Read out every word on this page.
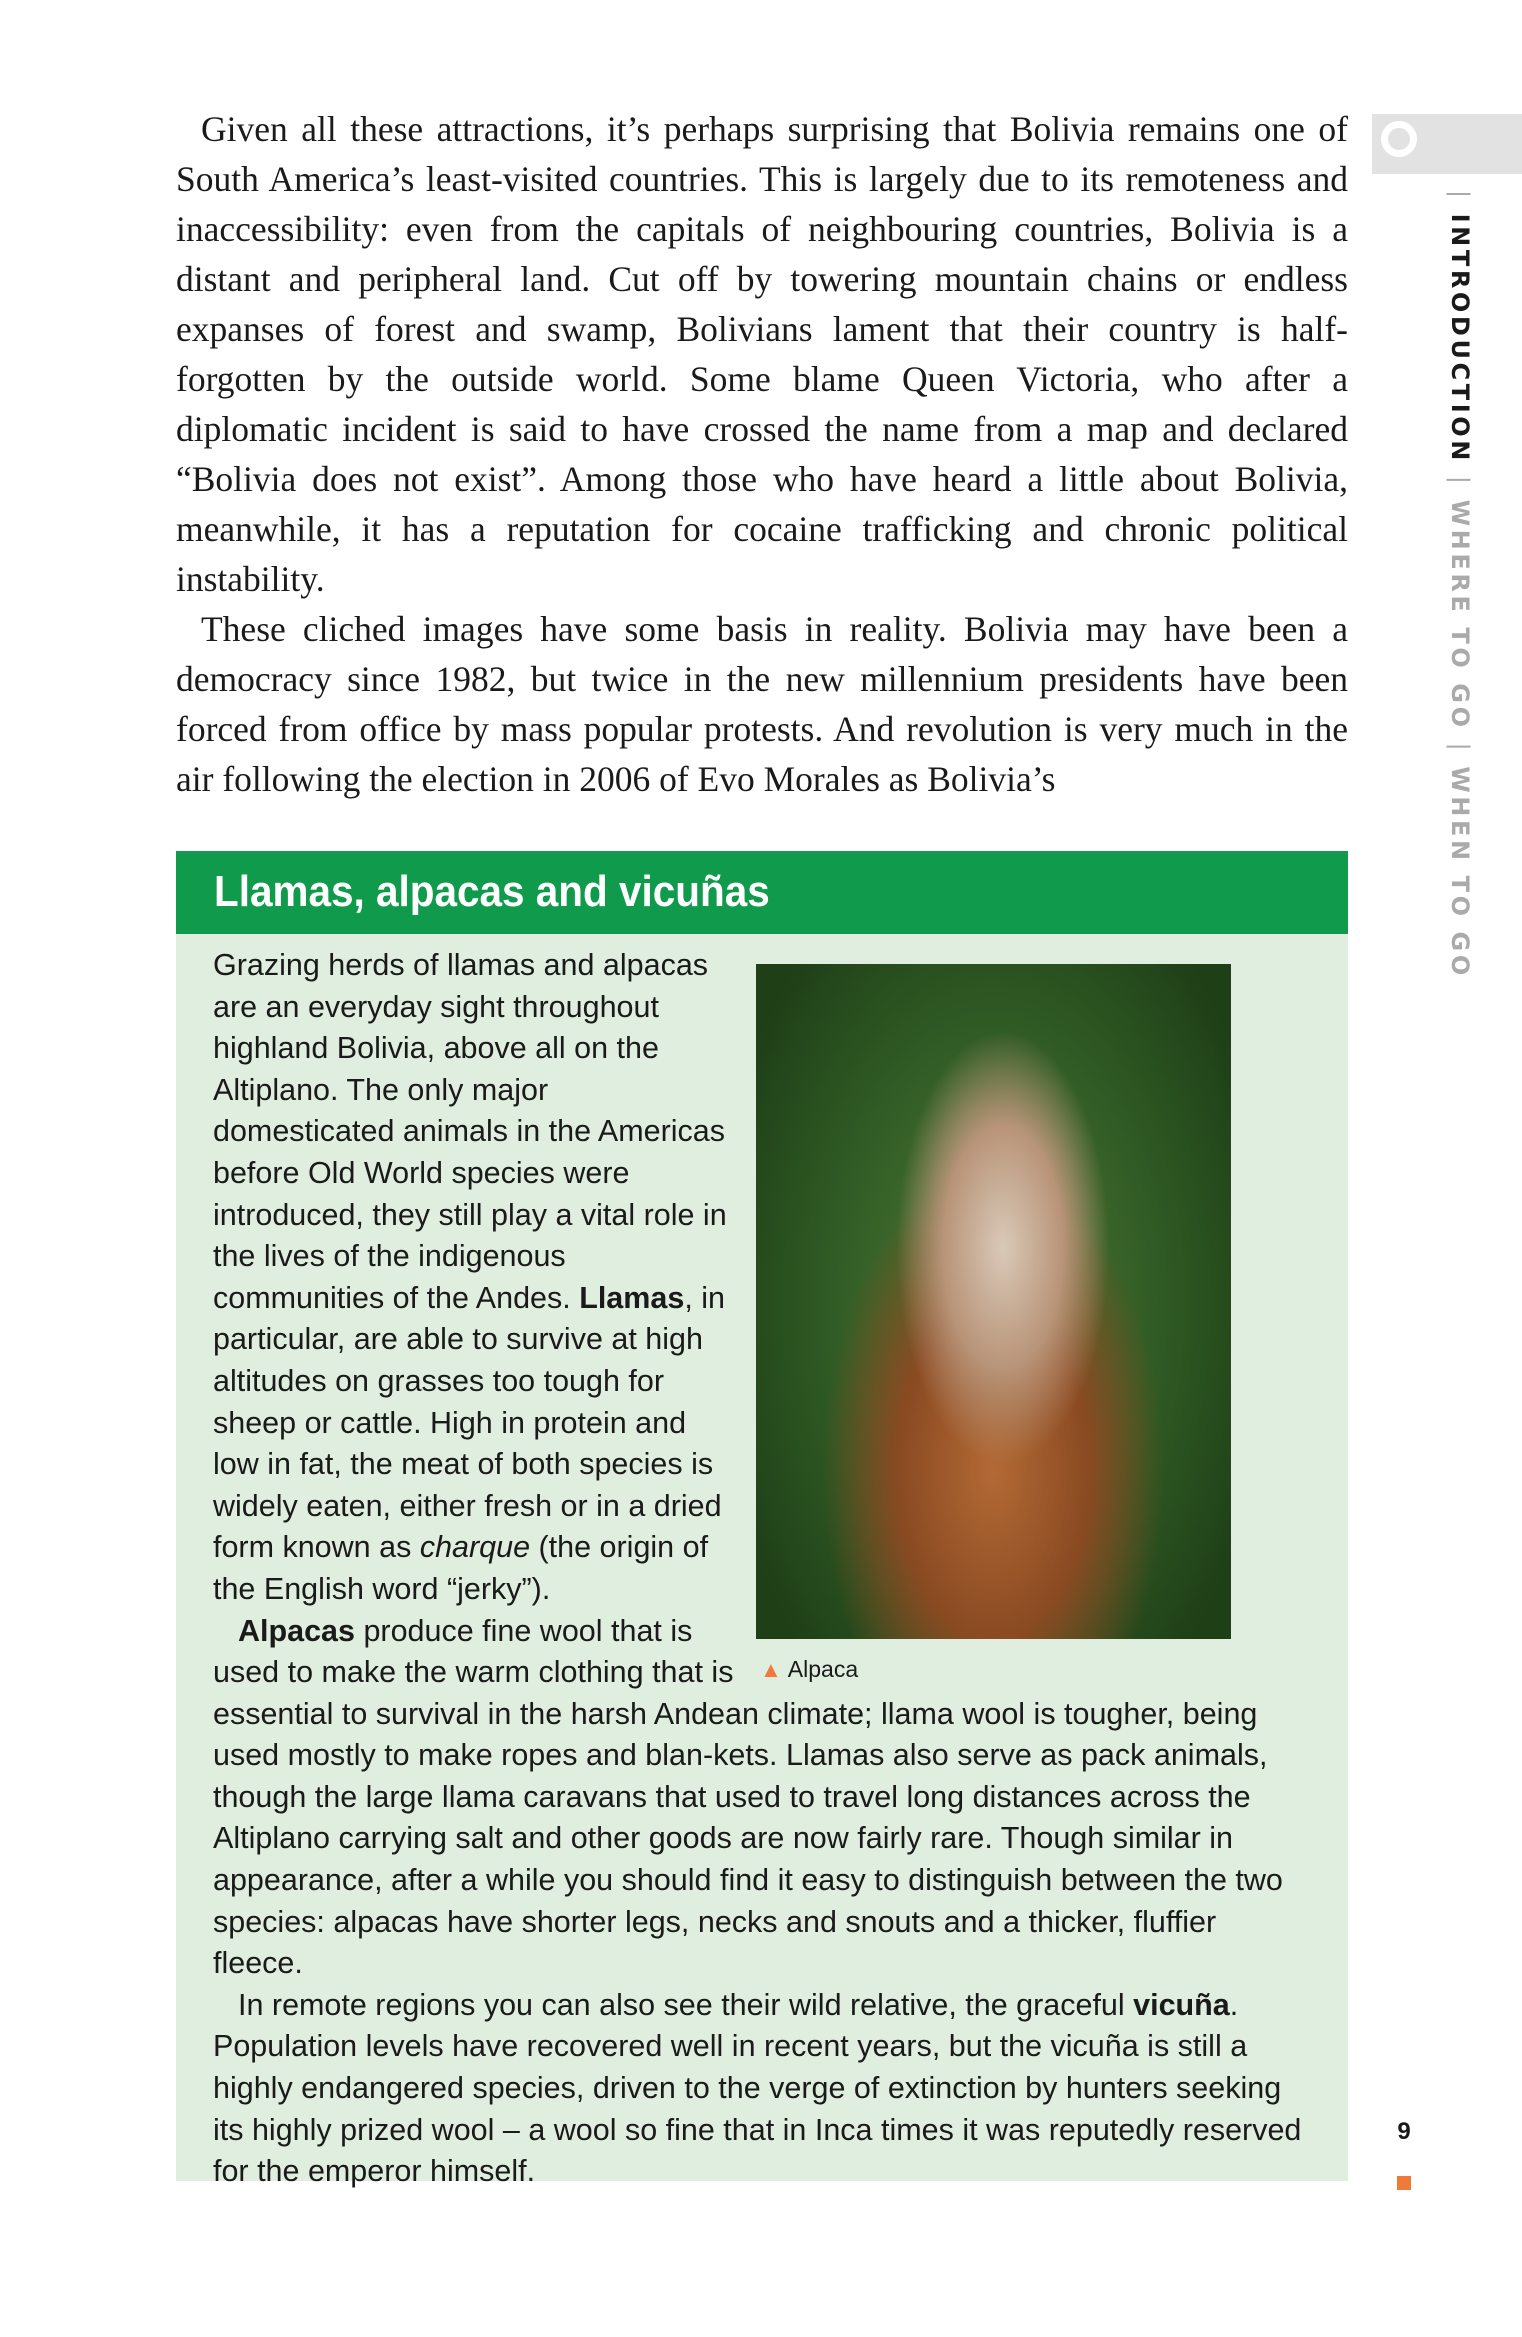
Given all these attractions, it’s perhaps surprising that Bolivia remains one of South America’s least-visited countries. This is largely due to its remoteness and inaccessibility: even from the capitals of neighbouring countries, Bolivia is a distant and peripheral land. Cut off by towering mountain chains or endless expanses of forest and swamp, Bolivians lament that their country is half-forgotten by the outside world. Some blame Queen Victoria, who after a diplomatic incident is said to have crossed the name from a map and declared “Bolivia does not exist”. Among those who have heard a little about Bolivia, meanwhile, it has a reputation for cocaine trafficking and chronic political instability.

These cliched images have some basis in reality. Bolivia may have been a democracy since 1982, but twice in the new millennium presidents have been forced from office by mass popular protests. And revolution is very much in the air following the election in 2006 of Evo Morales as Bolivia’s

Llamas, alpacas and vicuñas
▲ Alpaca

Grazing herds of llamas and alpacas are an everyday sight throughout highland Bolivia, above all on the Altiplano. The only major domesticated animals in the Americas before Old World species were introduced, they still play a vital role in the lives of the indigenous communities of the Andes. Llamas, in particular, are able to survive at high altitudes on grasses too tough for sheep or cattle. High in protein and low in fat, the meat of both species is widely eaten, either fresh or in a dried form known as charque (the origin of the English word “jerky”).

Alpacas produce fine wool that is used to make the warm clothing that is essential to survival in the harsh Andean climate; llama wool is tougher, being used mostly to make ropes and blan-kets. Llamas also serve as pack animals, though the large llama caravans that used to travel long distances across the Altiplano carrying salt and other goods are now fairly rare. Though similar in appearance, after a while you should find it easy to distinguish between the two species: alpacas have shorter legs, necks and snouts and a thicker, fluffier fleece.

In remote regions you can also see their wild relative, the graceful vicuña. Population levels have recovered well in recent years, but the vicuña is still a highly endangered species, driven to the verge of extinction by hunters seeking its highly prized wool – a wool so fine that in Inca times it was reputedly reserved for the emperor himself.

| INTRODUCTION | WHERE TO GO | WHEN TO GO
9
